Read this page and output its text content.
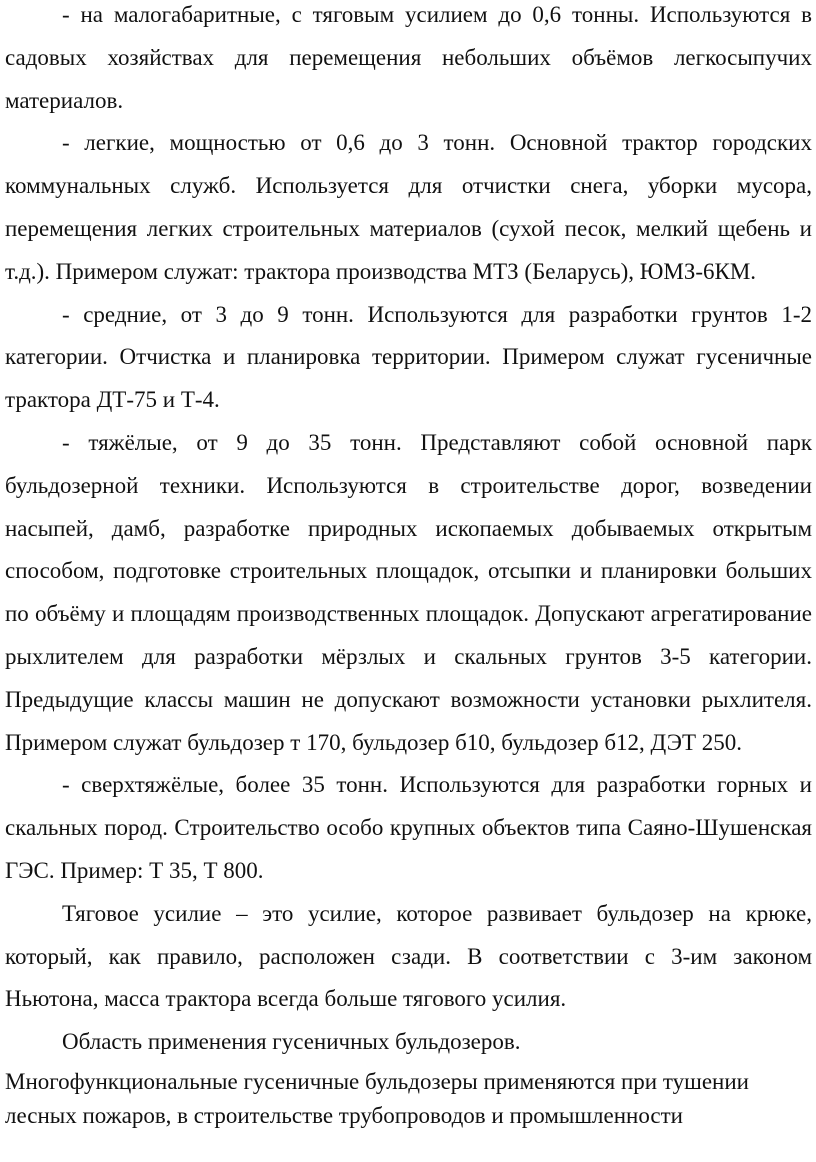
- на малогабаритные, с тяговым усилием до 0,6 тонны. Используются в садовых хозяйствах для перемещения небольших объёмов легкосыпучих материалов.

- легкие, мощностью от 0,6 до 3 тонн. Основной трактор городских коммунальных служб. Используется для отчистки снега, уборки мусора, перемещения легких строительных материалов (сухой песок, мелкий щебень и т.д.). Примером служат: трактора производства МТЗ (Беларусь), ЮМЗ-6КМ.

- средние, от 3 до 9 тонн. Используются для разработки грунтов 1-2 категории. Отчистка и планировка территории. Примером служат гусеничные трактора ДТ-75 и Т-4.

- тяжёлые, от 9 до 35 тонн. Представляют собой основной парк бульдозерной техники. Используются в строительстве дорог, возведении насыпей, дамб, разработке природных ископаемых добываемых открытым способом, подготовке строительных площадок, отсыпки и планировки больших по объёму и площадям производственных площадок. Допускают агрегатирование рыхлителем для разработки мёрзлых и скальных грунтов 3-5 категории. Предыдущие классы машин не допускают возможности установки рыхлителя. Примером служат бульдозер т 170, бульдозер б10, бульдозер б12, ДЭТ 250.

- сверхтяжёлые, более 35 тонн. Используются для разработки горных и скальных пород. Строительство особо крупных объектов типа Саяно-Шушенская ГЭС. Пример: Т 35, Т 800.

Тяговое усилие – это усилие, которое развивает бульдозер на крюке, который, как правило, расположен сзади. В соответствии с 3-им законом Ньютона, масса трактора всегда больше тягового усилия.

Область применения гусеничных бульдозеров.

Многофункциональные гусеничные бульдозеры применяются при тушении лесных пожаров, в строительстве трубопроводов и промышленности
